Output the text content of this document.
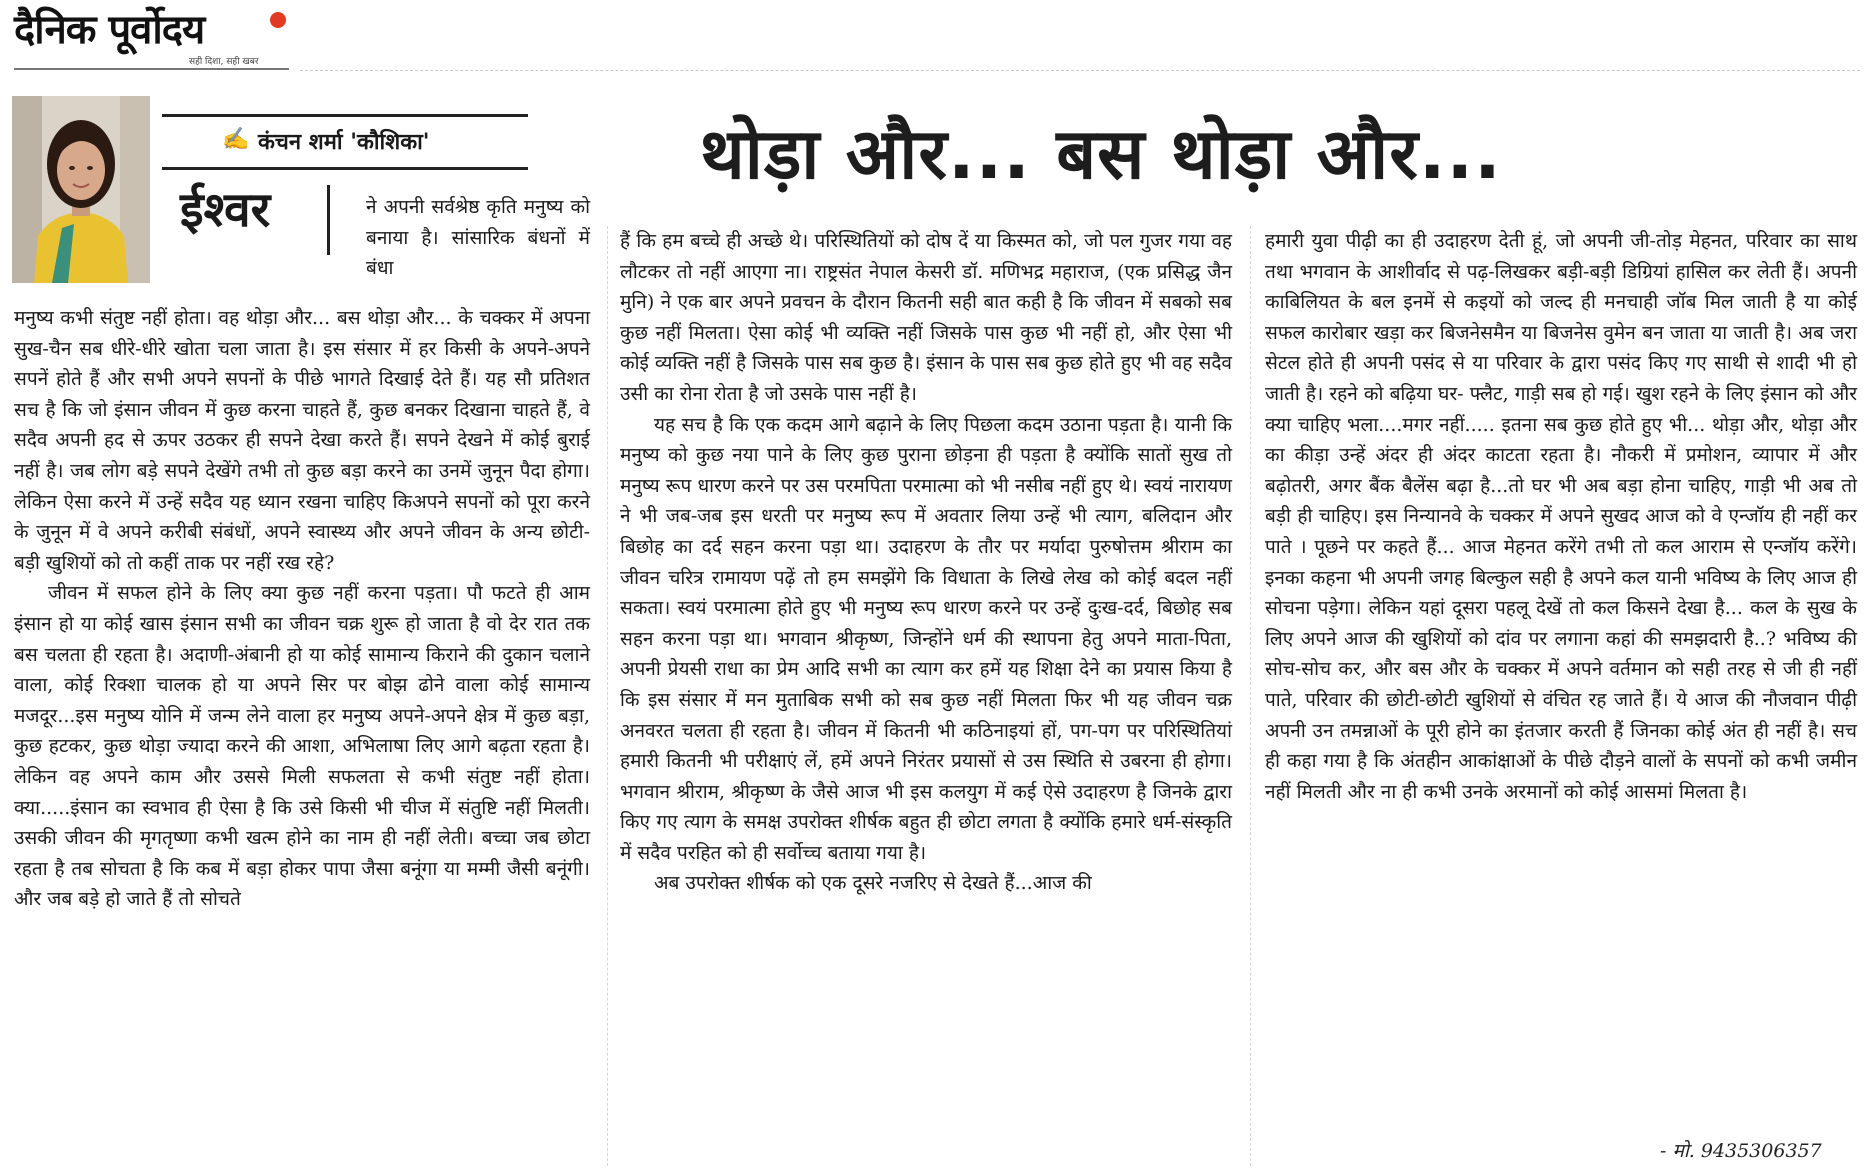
दैनिक पूर्वोदय
सही दिशा, सही खबर
✍ कंचन शर्मा 'कौशिका'	थोड़ा और... बस थोड़ा और...
ईश्वर	ने अपनी सर्वश्रेष्ठ कृति मनुष्य को बनाया है। सांसारिक बंधनों में बंधा

मनुष्य कभी संतुष्ट नहीं होता। वह थोड़ा और... बस थोड़ा और... के चक्कर में अपना सुख-चैन सब धीरे-धीरे खोता चला जाता है। इस संसार में हर किसी के अपने-अपने सपनें होते हैं और सभी अपने सपनों के पीछे भागते दिखाई देते हैं। यह सौ प्रतिशत सच है कि जो इंसान जीवन में कुछ करना चाहते हैं, कुछ बनकर दिखाना चाहते हैं, वे सदैव अपनी हद से ऊपर उठकर ही सपने देखा करते हैं। सपने देखने में कोई बुराई नहीं है। जब लोग बड़े सपने देखेंगे तभी तो कुछ बड़ा करने का उनमें जुनून पैदा होगा। लेकिन ऐसा करने में उन्हें सदैव यह ध्यान रखना चाहिए किअपने सपनों को पूरा करने के जुनून में वे अपने करीबी संबंधों, अपने स्वास्थ्य और अपने जीवन के अन्य छोटी-बड़ी खुशियों को तो कहीं ताक पर नहीं रख रहे?

जीवन में सफल होने के लिए क्या कुछ नहीं करना पड़ता। पौ फटते ही आम इंसान हो या कोई खास इंसान सभी का जीवन चक्र शुरू हो जाता है वो देर रात तक बस चलता ही रहता है। अदाणी-अंबानी हो या कोई सामान्य किराने की दुकान चलाने वाला, कोई रिक्शा चालक हो या अपने सिर पर बोझ ढोने वाला कोई सामान्य मजदूर...इस मनुष्य योनि में जन्म लेने वाला हर मनुष्य अपने-अपने क्षेत्र में कुछ बड़ा, कुछ हटकर, कुछ थोड़ा ज्यादा करने की आशा, अभिलाषा लिए आगे बढ़ता रहता है। लेकिन वह अपने काम और उससे मिली सफलता से कभी संतुष्ट नहीं होता। क्या.....इंसान का स्वभाव ही ऐसा है कि उसे किसी भी चीज में संतुष्टि नहीं मिलती। उसकी जीवन की मृगतृष्णा कभी खत्म होने का नाम ही नहीं लेती। बच्चा जब छोटा रहता है तब सोचता है कि कब में बड़ा होकर पापा जैसा बनूंगा या मम्मी जैसी बनूंगी। और जब बड़े हो जाते हैं तो सोचते

हैं कि हम बच्चे ही अच्छे थे। परिस्थितियों को दोष दें या किस्मत को, जो पल गुजर गया वह लौटकर तो नहीं आएगा ना। राष्ट्रसंत नेपाल केसरी डॉ. मणिभद्र महाराज, (एक प्रसिद्ध जैन मुनि) ने एक बार अपने प्रवचन के दौरान कितनी सही बात कही है कि जीवन में सबको सब कुछ नहीं मिलता। ऐसा कोई भी व्यक्ति नहीं जिसके पास कुछ भी नहीं हो, और ऐसा भी कोई व्यक्ति नहीं है जिसके पास सब कुछ है। इंसान के पास सब कुछ होते हुए भी वह सदैव उसी का रोना रोता है जो उसके पास नहीं है।

यह सच है कि एक कदम आगे बढ़ाने के लिए पिछला कदम उठाना पड़ता है। यानी कि मनुष्य को कुछ नया पाने के लिए कुछ पुराना छोड़ना ही पड़ता है क्योंकि सातों सुख तो मनुष्य रूप धारण करने पर उस परमपिता परमात्मा को भी नसीब नहीं हुए थे। स्वयं नारायण ने भी जब-जब इस धरती पर मनुष्य रूप में अवतार लिया उन्हें भी त्याग, बलिदान और बिछोह का दर्द सहन करना पड़ा था। उदाहरण के तौर पर मर्यादा पुरुषोत्तम श्रीराम का जीवन चरित्र रामायण पढ़ें तो हम समझेंगे कि विधाता के लिखे लेख को कोई बदल नहीं सकता। स्वयं परमात्मा होते हुए भी मनुष्य रूप धारण करने पर उन्हें दुःख-दर्द, बिछोह सब सहन करना पड़ा था। भगवान श्रीकृष्ण, जिन्होंने धर्म की स्थापना हेतु अपने माता-पिता, अपनी प्रेयसी राधा का प्रेम आदि सभी का त्याग कर हमें यह शिक्षा देने का प्रयास किया है कि इस संसार में मन मुताबिक सभी को सब कुछ नहीं मिलता फिर भी यह जीवन चक्र अनवरत चलता ही रहता है। जीवन में कितनी भी कठिनाइयां हों, पग-पग पर परिस्थितियां हमारी कितनी भी परीक्षाएं लें, हमें अपने निरंतर प्रयासों से उस स्थिति से उबरना ही होगा। भगवान श्रीराम, श्रीकृष्ण के जैसे आज भी इस कलयुग में कई ऐसे उदाहरण है जिनके द्वारा किए गए त्याग के समक्ष उपरोक्त शीर्षक बहुत ही छोटा लगता है क्योंकि हमारे धर्म-संस्कृति में सदैव परहित को ही सर्वोच्च बताया गया है।

अब उपरोक्त शीर्षक को एक दूसरे नजरिए से देखते हैं...आज की

हमारी युवा पीढ़ी का ही उदाहरण देती हूं, जो अपनी जी-तोड़ मेहनत, परिवार का साथ तथा भगवान के आशीर्वाद से पढ़-लिखकर बड़ी-बड़ी डिग्रियां हासिल कर लेती हैं। अपनी काबिलियत के बल इनमें से कइयों को जल्द ही मनचाही जॉब मिल जाती है या कोई सफल कारोबार खड़ा कर बिजनेसमैन या बिजनेस वुमेन बन जाता या जाती है। अब जरा सेटल होते ही अपनी पसंद से या परिवार के द्वारा पसंद किए गए साथी से शादी भी हो जाती है। रहने को बढ़िया घर- फ्लैट, गाड़ी सब हो गई। खुश रहने के लिए इंसान को और क्या चाहिए भला....मगर नहीं..... इतना सब कुछ होते हुए भी... थोड़ा और, थोड़ा और का कीड़ा उन्हें अंदर ही अंदर काटता रहता है। नौकरी में प्रमोशन, व्यापार में और बढ़ोतरी, अगर बैंक बैलेंस बढ़ा है...तो घर भी अब बड़ा होना चाहिए, गाड़ी भी अब तो बड़ी ही चाहिए। इस निन्यानवे के चक्कर में अपने सुखद आज को वे एन्जॉय ही नहीं कर पाते । पूछने पर कहते हैं... आज मेहनत करेंगे तभी तो कल आराम से एन्जॉय करेंगे। इनका कहना भी अपनी जगह बिल्कुल सही है अपने कल यानी भविष्य के लिए आज ही सोचना पड़ेगा। लेकिन यहां दूसरा पहलू देखें तो कल किसने देखा है... कल के सुख के लिए अपने आज की खुशियों को दांव पर लगाना कहां की समझदारी है..? भविष्य की सोच-सोच कर, और बस और के चक्कर में अपने वर्तमान को सही तरह से जी ही नहीं पाते, परिवार की छोटी-छोटी खुशियों से वंचित रह जाते हैं। ये आज की नौजवान पीढ़ी अपनी उन तमन्नाओं के पूरी होने का इंतजार करती हैं जिनका कोई अंत ही नहीं है। सच ही कहा गया है कि अंतहीन आकांक्षाओं के पीछे दौड़ने वालों के सपनों को कभी जमीन नहीं मिलती और ना ही कभी उनके अरमानों को कोई आसमां मिलता है।

- मो. 9435306357
